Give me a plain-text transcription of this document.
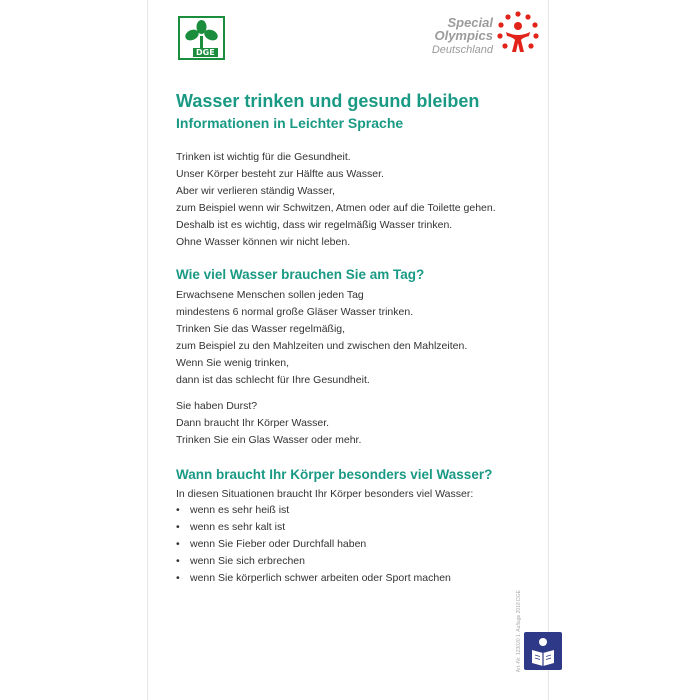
DGE
Special
Olympics
Deutschland
Wasser trinken und gesund bleiben
Informationen in Leichter Sprache
Trinken ist wichtig für die Gesundheit.
Unser Körper besteht zur Hälfte aus Wasser.
Aber wir verlieren ständig Wasser,
zum Beispiel wenn wir Schwitzen, Atmen oder auf die Toilette gehen.
Deshalb ist es wichtig, dass wir regelmäßig Wasser trinken.
Ohne Wasser können wir nicht leben.
Wie viel Wasser brauchen Sie am Tag?
Erwachsene Menschen sollen jeden Tag
mindestens 6 normal große Gläser Wasser trinken.
Trinken Sie das Wasser regelmäßig,
zum Beispiel zu den Mahlzeiten und zwischen den Mahlzeiten.
Wenn Sie wenig trinken,
dann ist das schlecht für Ihre Gesundheit.
Sie haben Durst?
Dann braucht Ihr Körper Wasser.
Trinken Sie ein Glas Wasser oder mehr.
Wann braucht Ihr Körper besonders viel Wasser?
In diesen Situationen braucht Ihr Körper besonders viel Wasser:
• wenn es sehr heiß ist
• wenn es sehr kalt ist
• wenn Sie Fieber oder Durchfall haben
• wenn Sie sich erbrechen
• wenn Sie körperlich schwer arbeiten oder Sport machen
Art.-Nr. 123020 1. Auflage 2018 DGE
